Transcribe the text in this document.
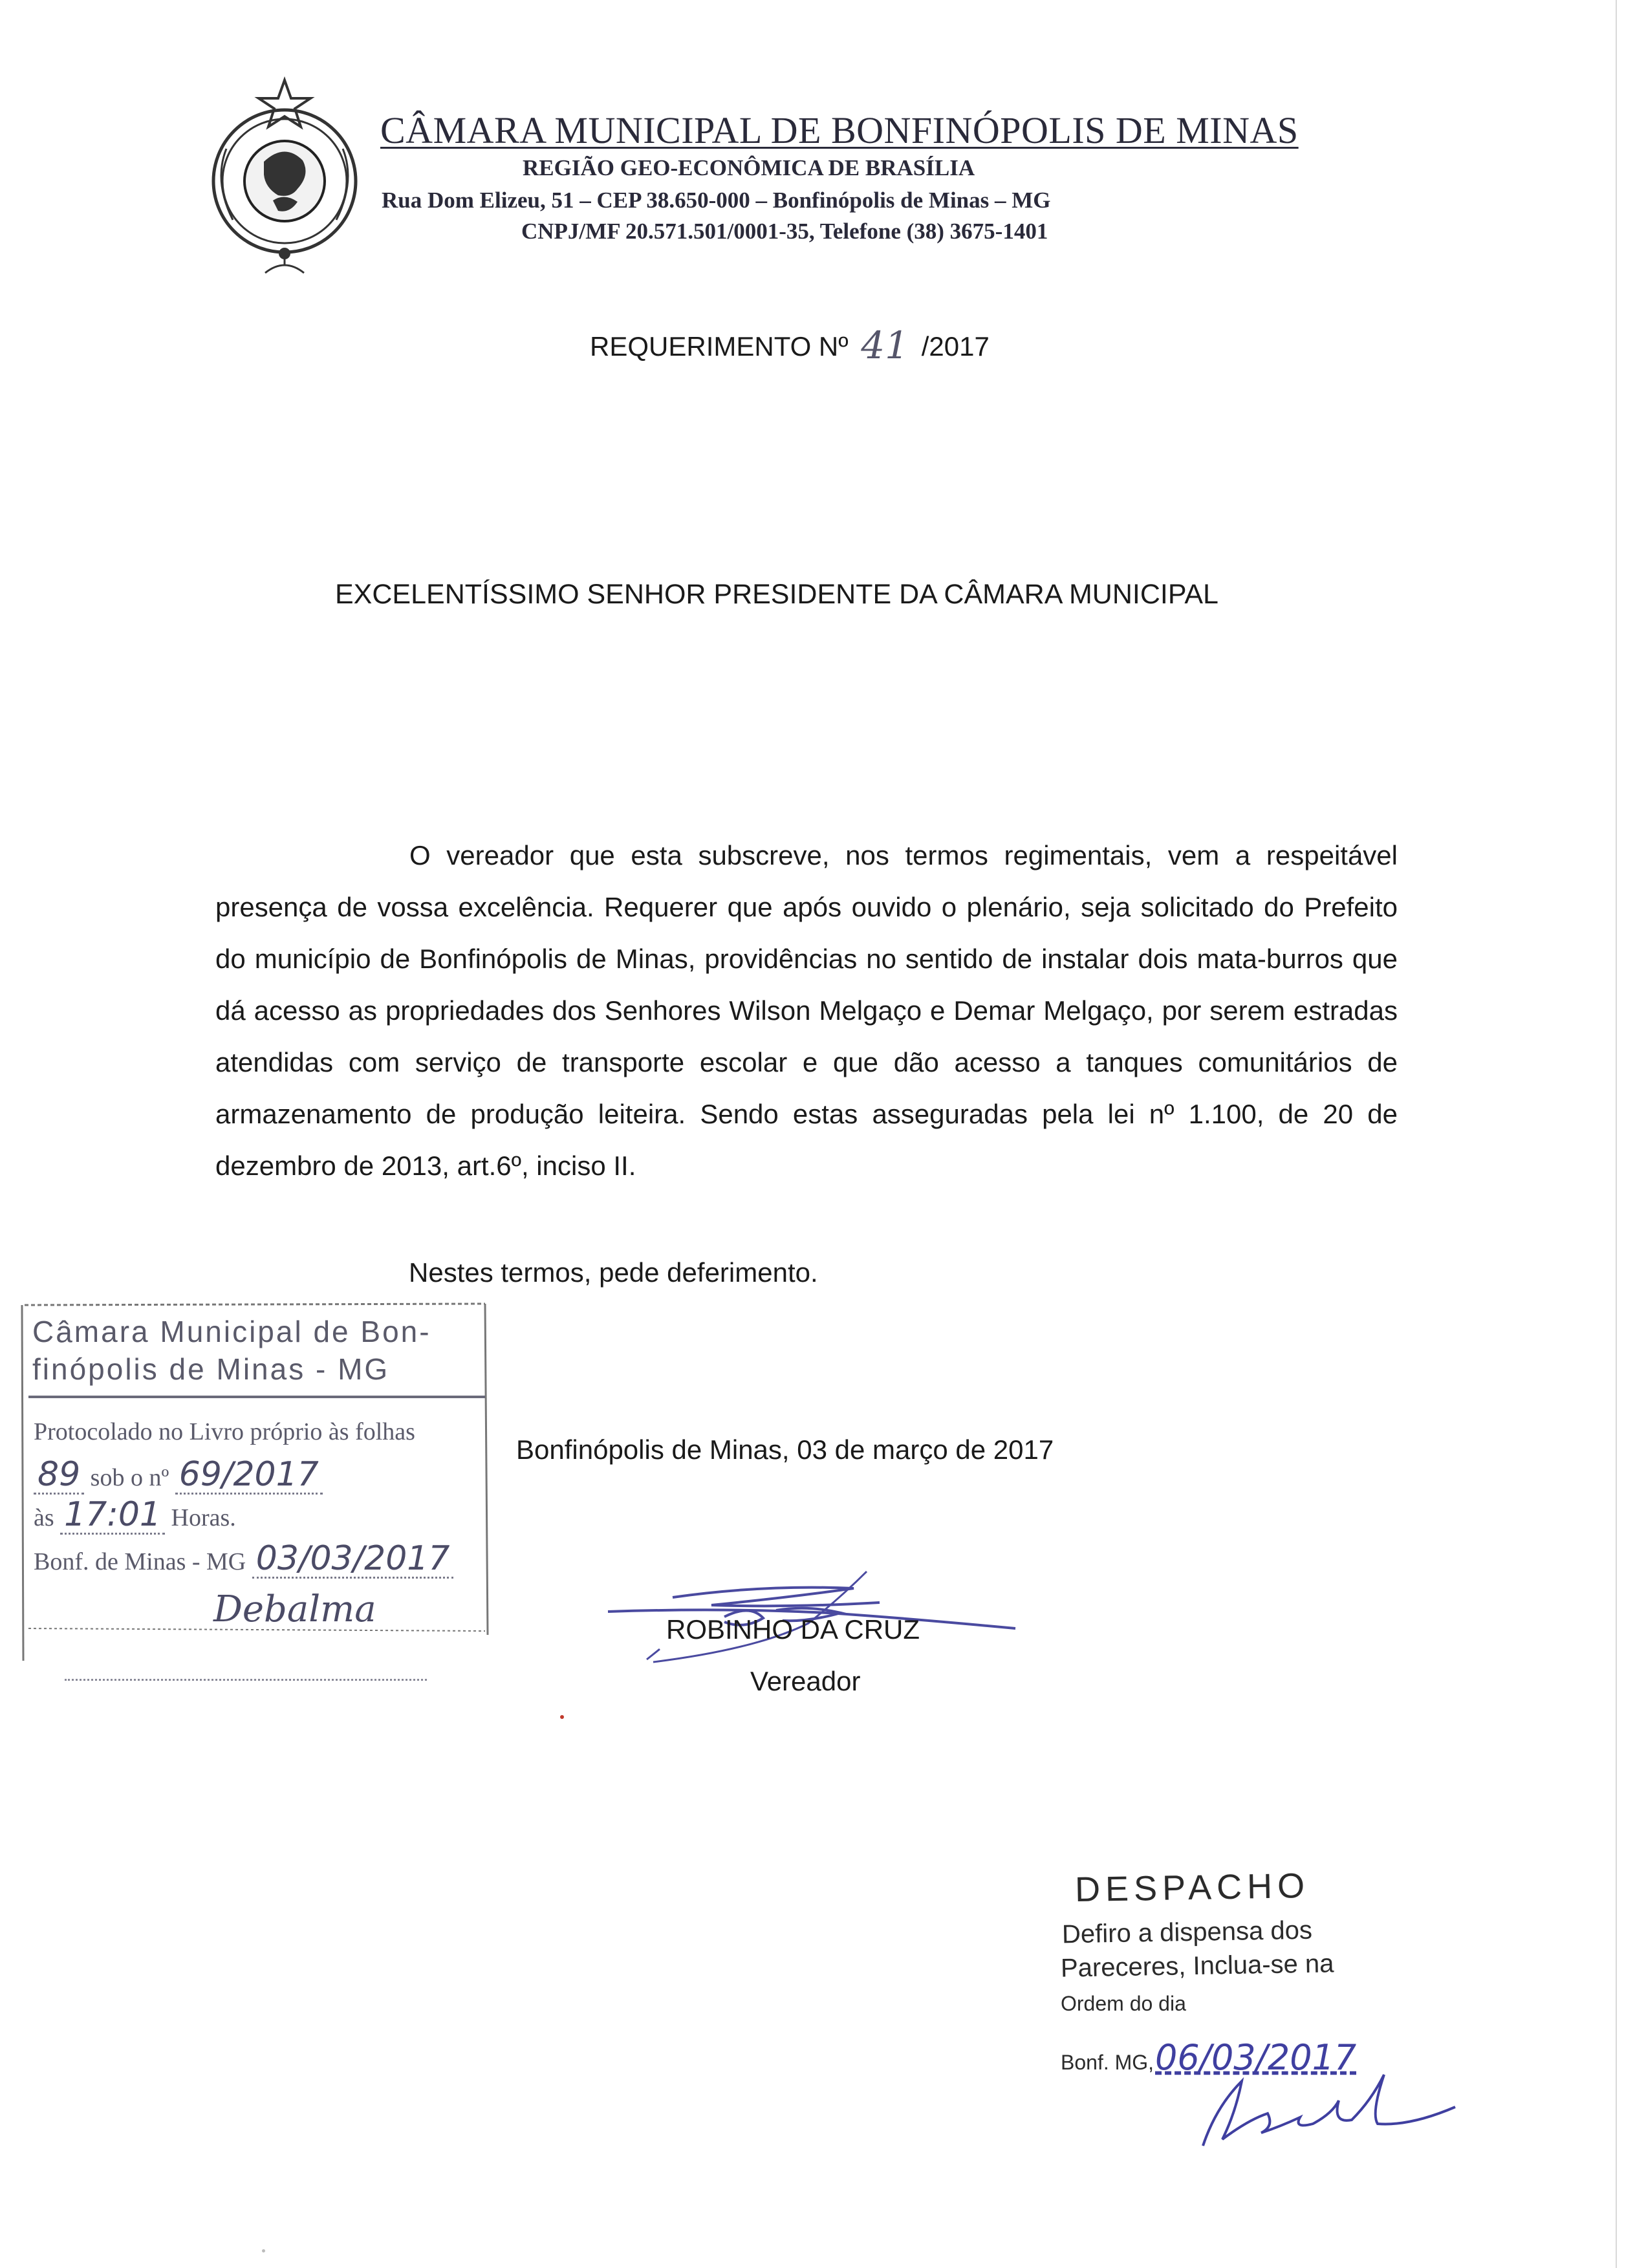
CÂMARA MUNICIPAL DE BONFINÓPOLIS DE MINAS
REGIÃO GEO-ECONÔMICA DE BRASÍLIA
Rua Dom Elizeu, 51 – CEP 38.650-000 – Bonfinópolis de Minas – MG
CNPJ/MF 20.571.501/0001-35, Telefone (38) 3675-1401
REQUERIMENTO Nº 41 /2017
EXCELENTÍSSIMO SENHOR PRESIDENTE DA CÂMARA MUNICIPAL
O vereador que esta subscreve, nos termos regimentais, vem a respeitável presença de vossa excelência. Requerer que após ouvido o plenário, seja solicitado do Prefeito do município de Bonfinópolis de Minas, providências no sentido de instalar dois mata-burros que dá acesso as propriedades dos Senhores Wilson Melgaço e Demar Melgaço, por serem estradas atendidas com serviço de transporte escolar e que dão acesso a tanques comunitários de armazenamento de produção leiteira. Sendo estas asseguradas pela lei nº 1.100, de 20 de dezembro de 2013, art.6º, inciso II.
Nestes termos, pede deferimento.
Câmara Municipal de Bon-
finópolis de Minas - MG
Protocolado no Livro próprio às folhas
89 sob o nº 69/2017
às 17:01 Horas.
Bonf. de Minas - MG 03/03/2017
Debalma
Bonfinópolis de Minas, 03 de março de 2017
ROBINHO DA CRUZ
Vereador
DESPACHO
Defiro a dispensa dos
Pareceres, Inclua-se na
Ordem do dia
Bonf. MG,06/03/2017
